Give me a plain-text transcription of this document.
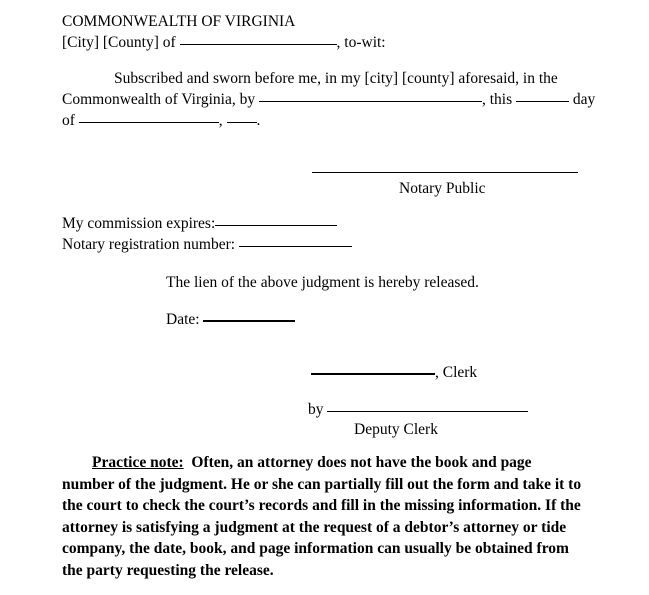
COMMONWEALTH OF VIRGINIA
[City] [County] of	, to-wit:
Subscribed and sworn before me, in my [city] [county] aforesaid, in the
Commonwealth of Virginia, by	, this	day
of	, .
Notary Public
My commission expires:
Notary registration number:
The lien of the above judgment is hereby released.
Date:
, Clerk
by
Deputy Clerk
Practice note: Often, an attorney does not have the book and page number of the judgment. He or she can partially fill out the form and take it to the court to check the court’s records and fill in the missing information. If the attorney is satisfying a judgment at the request of a debtor’s attorney or tide company, the date, book, and page information can usually be obtained from the party requesting the release.
